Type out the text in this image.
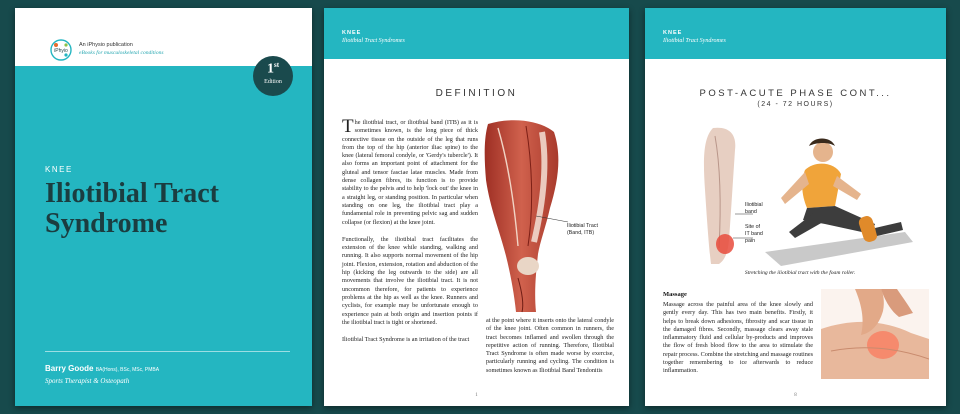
iPhyio
An iPhysio publication
eBooks for musculoskeletal conditions
1st
Edition
KNEE
Iliotibial Tract
Syndrome
Barry Goode BA(Hons), BSc, MSc, PMBA
Sports Therapist & Osteopath
KNEE
Iliotibial Tract Syndromes
DEFINITION

The iliotibial tract, or iliotibial band (ITB) as it is sometimes known, is the long piece of thick connective tissue on the outside of the leg that runs from the top of the hip (anterior iliac spine) to the knee (lateral femoral condyle, or 'Gerdy's tubercle'). It also forms an important point of attachment for the gluteal and tensor fasciae latae muscles. Made from dense collagen fibres, its function is to provide stability to the pelvis and to help 'lock out' the knee in a straight leg, or standing position. In particular when standing on one leg, the iliotibial tract play a fundamental role in preventing pelvic sag and sudden collapse (or flexion) at the knee joint.

Functionally, the iliotibial tract facilitates the extension of the knee while standing, walking and running. It also supports normal movement of the hip joint. Flexion, extension, rotation and abduction of the hip (kicking the leg outwards to the side) are all movements that involve the iliotibial tract. It is not uncommon therefore, for patients to experience problems at the hip as well as the knee. Runners and cyclists, for example may be unfortunate enough to experience pain at both origin and insertion points if the iliotibial tract is tight or shortened.

Iliotibial Tract Syndrome is an irritation of the tract

Iliotibial Tract
(Band, ITB)

at the point where it inserts onto the lateral condyle of the knee joint. Often common in runners, the tract becomes inflamed and swollen through the repetitive action of running. Therefore, Iliotibial Tract Syndrome is often made worse by exercise, particularly running and cycling. The condition is sometimes known as Iliotibial Band Tendonitis

1
KNEE
Iliotibial Tract Syndromes
POST-ACUTE PHASE CONT...
(24 - 72 HOURS)
Iliotibial
band
Site of
IT band
pain
Stretching the iliotibial tract with the foam roller.
Massage
Massage across the painful area of the knee slowly and gently every day. This has two main benefits. Firstly, it helps to break down adhesions, fibrosity and scar tissue in the damaged fibres. Secondly, massage clears away stale inflammatory fluid and cellular by-products and improves the flow of fresh blood flow to the area to stimulate the repair process. Combine the stretching and massage routines together remembering to ice afterwards to reduce inflammation.
8
